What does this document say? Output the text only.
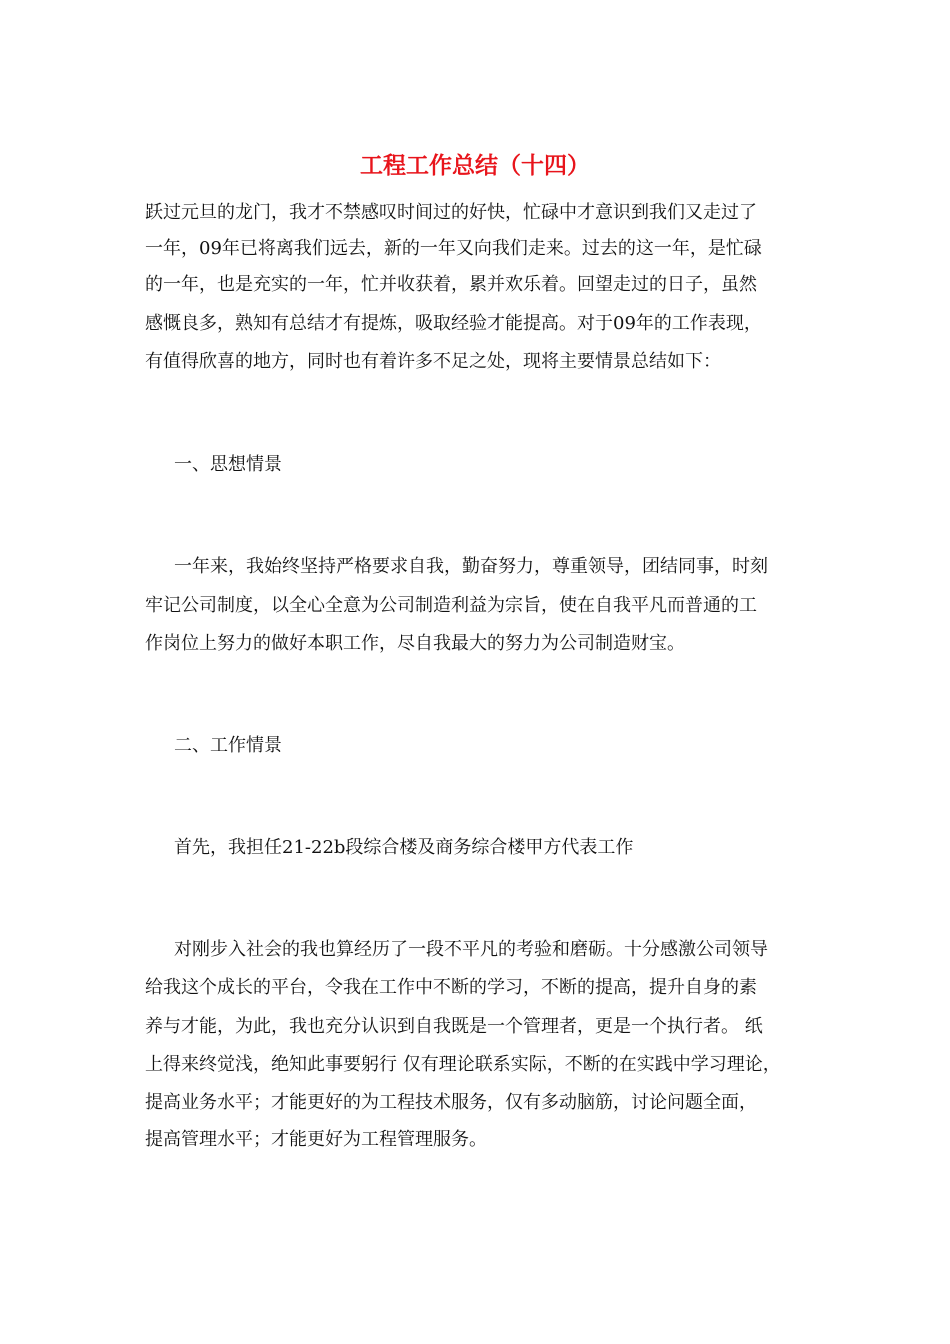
工程工作总结（十四）

跃过元旦的龙门，我才不禁感叹时间过的好快，忙碌中才意识到我们又走过了

一年，09年已将离我们远去，新的一年又向我们走来。过去的这一年，是忙碌

的一年，也是充实的一年，忙并收获着，累并欢乐着。回望走过的日子，虽然

感慨良多，熟知有总结才有提炼，吸取经验才能提高。对于09年的工作表现，

有值得欣喜的地方，同时也有着许多不足之处，现将主要情景总结如下：

一、思想情景

一年来，我始终坚持严格要求自我，勤奋努力，尊重领导，团结同事，时刻

牢记公司制度，以全心全意为公司制造利益为宗旨，使在自我平凡而普通的工

作岗位上努力的做好本职工作，尽自我最大的努力为公司制造财宝。

二、工作情景

首先，我担任21-22b段综合楼及商务综合楼甲方代表工作

对刚步入社会的我也算经历了一段不平凡的考验和磨砺。十分感激公司领导

给我这个成长的平台，令我在工作中不断的学习，不断的提高，提升自身的素

养与才能，为此，我也充分认识到自我既是一个管理者，更是一个执行者。 纸

上得来终觉浅，绝知此事要躬行 仅有理论联系实际，不断的在实践中学习理论，

提高业务水平；才能更好的为工程技术服务，仅有多动脑筋，讨论问题全面，

提高管理水平；才能更好为工程管理服务。
